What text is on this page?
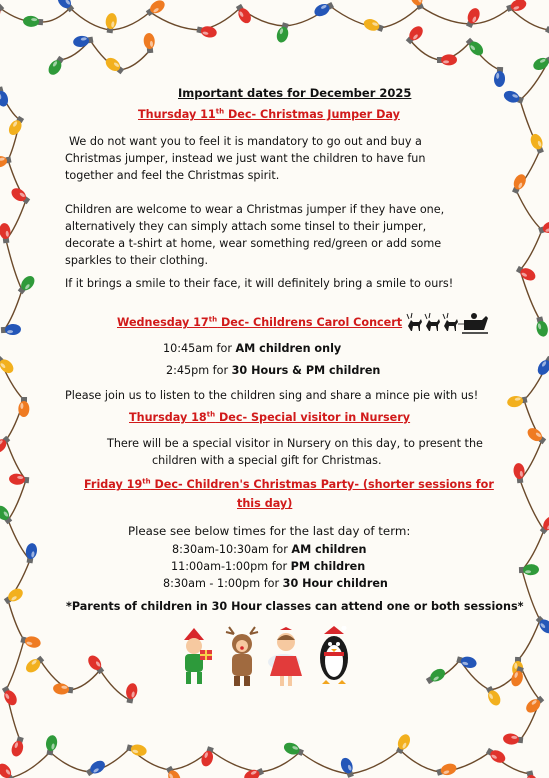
Important dates for December 2025
Thursday 11th Dec- Christmas Jumper Day
We do not want you to feel it is mandatory to go out and buy a Christmas jumper, instead we just want the children to have fun together and feel the Christmas spirit.
Children are welcome to wear a Christmas jumper if they have one, alternatively they can simply attach some tinsel to their jumper, decorate a t-shirt at home, wear something red/green or add some sparkles to their clothing.
If it brings a smile to their face, it will definitely bring a smile to ours!
Wednesday 17th Dec- Childrens Carol Concert
10:45am for AM children only
2:45pm for 30 Hours & PM children
Please join us to listen to the children sing and share a mince pie with us!
Thursday 18th Dec- Special visitor in Nursery
There will be a special visitor in Nursery on this day, to present the
children with a special gift for Christmas.
Friday 19th Dec- Children's Christmas Party- (shorter sessions for
this day)
Please see below times for the last day of term:
8:30am-10:30am for AM children
11:00am-1:00pm for PM children
8:30am - 1:00pm for 30 Hour children
*Parents of children in 30 Hour classes can attend one or both sessions*
